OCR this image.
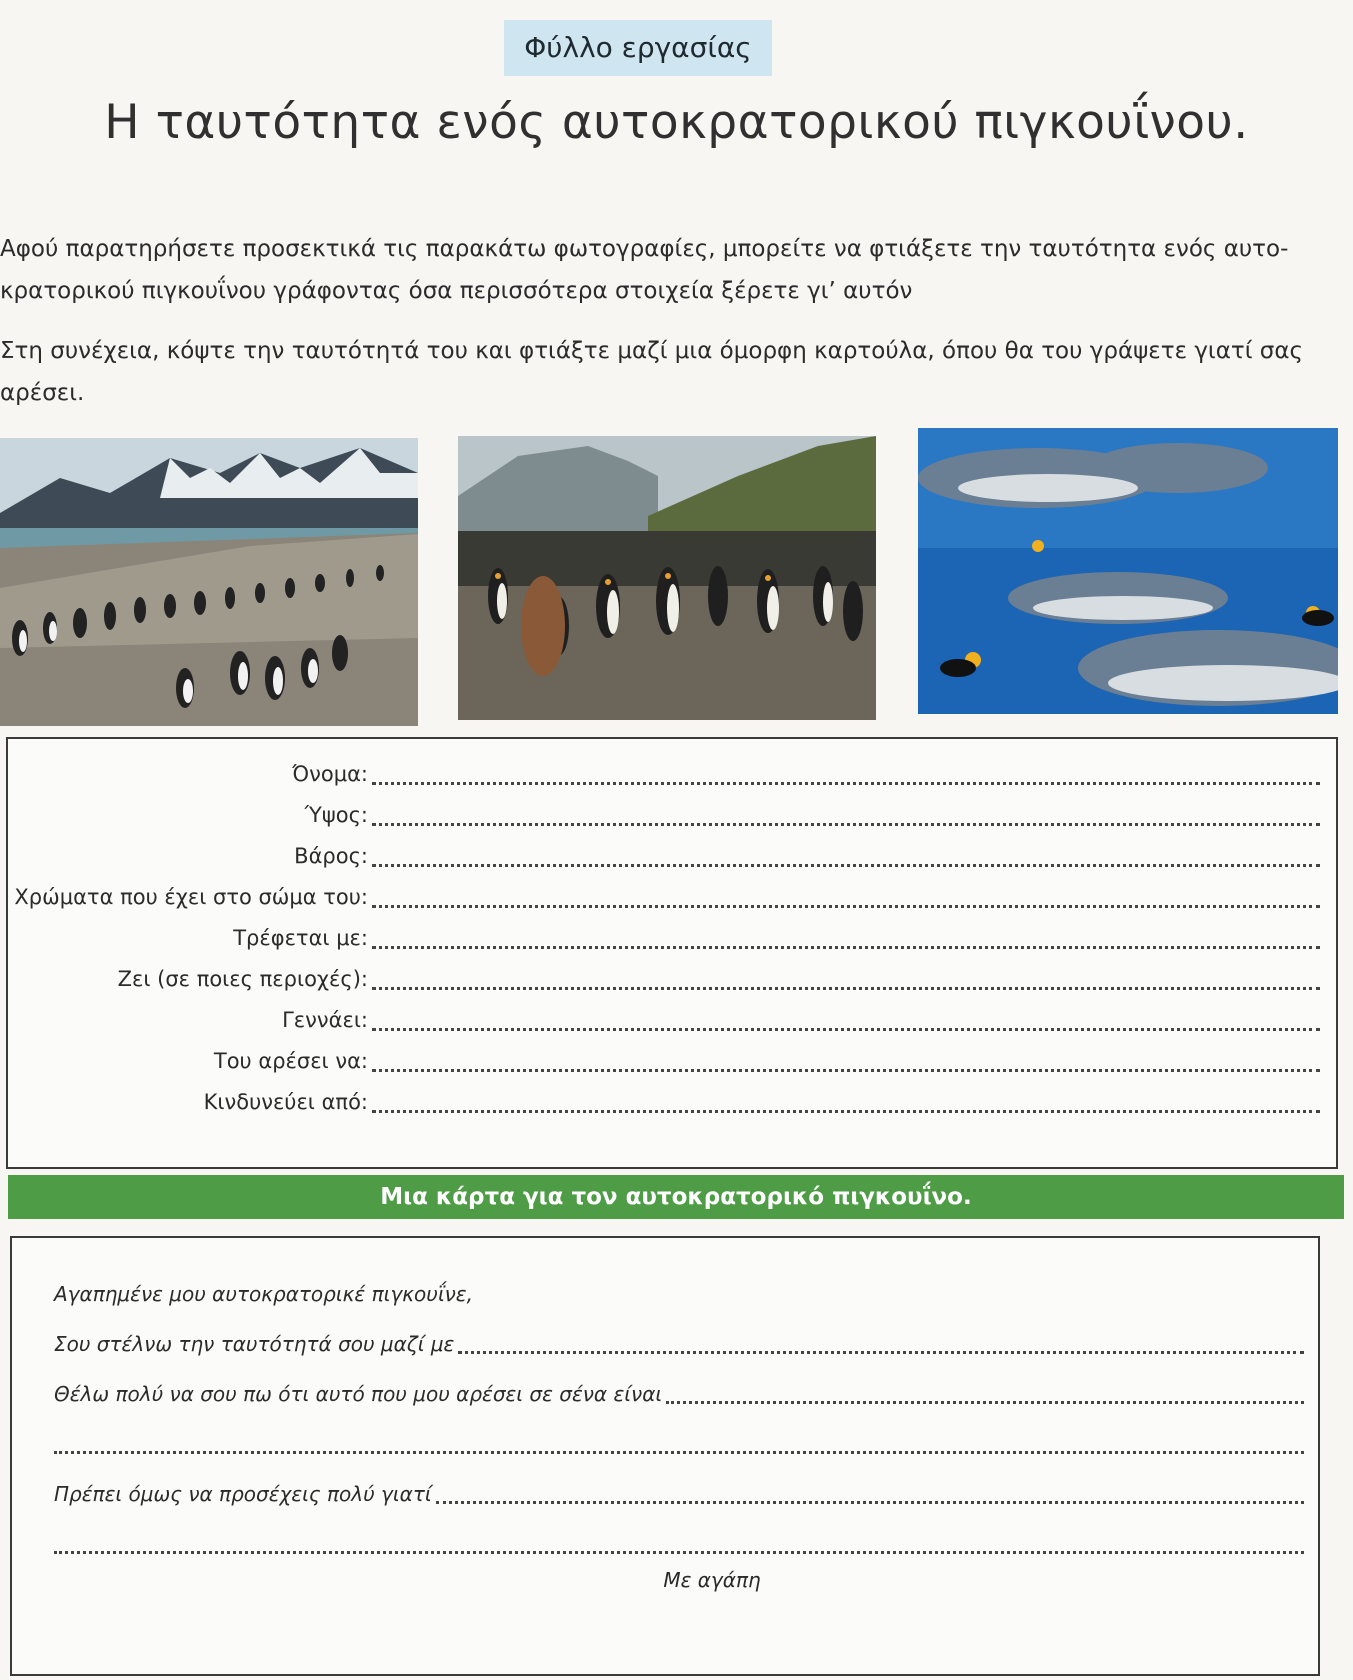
Φύλλο εργασίας
Η ταυτότητα ενός αυτοκρατορικού πιγκουΐνου.

Αφού παρατηρήσετε προσεκτικά τις παρακάτω φωτογραφίες, μπορείτε να φτιάξετε την ταυτότητα ενός αυτο-κρατορικού πιγκουΐνου γράφοντας όσα περισσότερα στοιχεία ξέρετε γι’ αυτόν

Στη συνέχεια, κόψτε την ταυτότητά του και φτιάξτε μαζί μια όμορφη καρτούλα, όπου θα του γράψετε γιατί σας αρέσει.

Όνομα:
Ύψος:
Βάρος:
Χρώματα που έχει στο σώμα του:
Τρέφεται με:
Ζει (σε ποιες περιοχές):
Γεννάει:
Του αρέσει να:
Κινδυνεύει από:
Μια κάρτα για τον αυτοκρατορικό πιγκουΐνο.
Αγαπημένε μου αυτοκρατορικέ πιγκουΐνε,
Σου στέλνω την ταυτότητά σου μαζί με
Θέλω πολύ να σου πω ότι αυτό που μου αρέσει σε σένα είναι
Πρέπει όμως να προσέχεις πολύ γιατί
Με αγάπη
